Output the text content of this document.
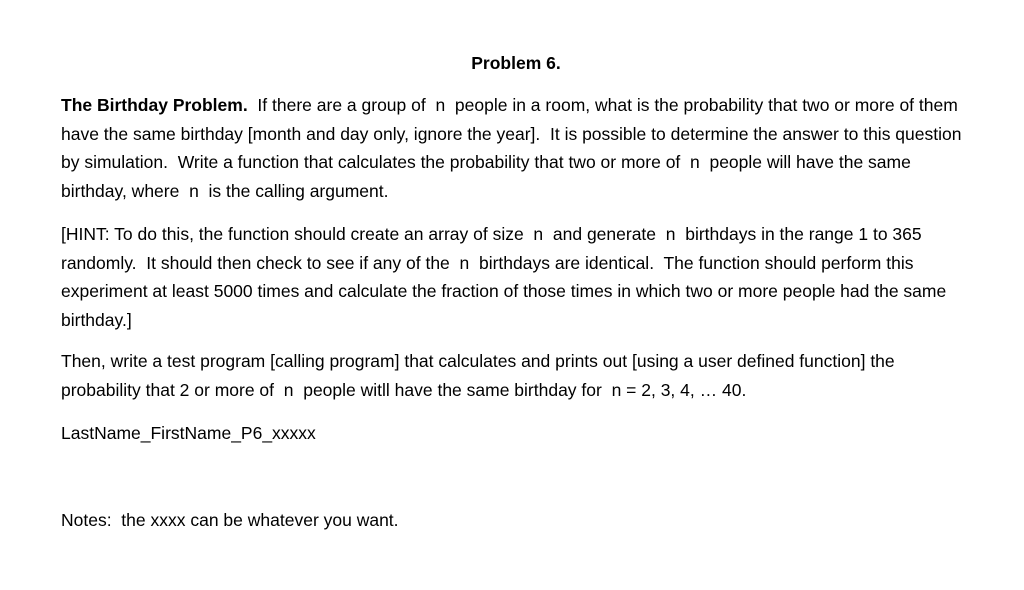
Problem 6.

The Birthday Problem.  If there are a group of  n  people in a room, what is the probability that two or more of them have the same birthday [month and day only, ignore the year].  It is possible to determine the answer to this question by simulation.  Write a function that calculates the probability that two or more of  n  people will have the same birthday, where  n  is the calling argument.

[HINT: To do this, the function should create an array of size  n  and generate  n  birthdays in the range 1 to 365 randomly.  It should then check to see if any of the  n  birthdays are identical.  The function should perform this experiment at least 5000 times and calculate the fraction of those times in which two or more people had the same birthday.]

Then, write a test program [calling program] that calculates and prints out [using a user defined function] the probability that 2 or more of  n  people witll have the same birthday for  n = 2, 3, 4, … 40.

LastName_FirstName_P6_xxxxx

Notes:  the xxxx can be whatever you want.
